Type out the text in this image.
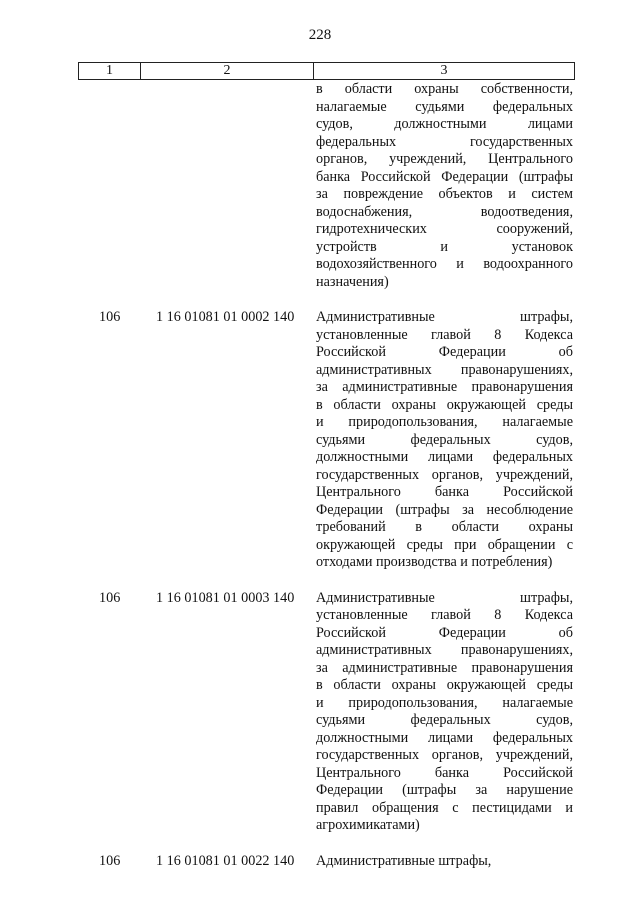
228
1	2	3
в области охраны собственности,
налагаемые судьями федеральных
судов, должностными лицами
федеральных государственных
органов, учреждений, Центрального
банка Российской Федерации (штрафы
за повреждение объектов и систем
водоснабжения, водоотведения,
гидротехнических сооружений,
устройств и установок
водохозяйственного и водоохранного
назначения)
106	1 16 01081 01 0002 140 Административные штрафы,
установленные главой 8 Кодекса
Российской Федерации об
административных правонарушениях,
за административные правонарушения
в области охраны окружающей среды
и природопользования, налагаемые
судьями федеральных судов,
должностными лицами федеральных
государственных органов, учреждений,
Центрального банка Российской
Федерации (штрафы за несоблюдение
требований в области охраны
окружающей среды при обращении с
отходами производства и потребления)
106	1 16 01081 01 0003 140 Административные штрафы,
установленные главой 8 Кодекса
Российской Федерации об
административных правонарушениях,
за административные правонарушения
в области охраны окружающей среды
и природопользования, налагаемые
судьями федеральных судов,
должностными лицами федеральных
государственных органов, учреждений,
Центрального банка Российской
Федерации (штрафы за нарушение
правил обращения с пестицидами и
агрохимикатами)
106	1 16 01081 01 0022 140 Административные штрафы,
